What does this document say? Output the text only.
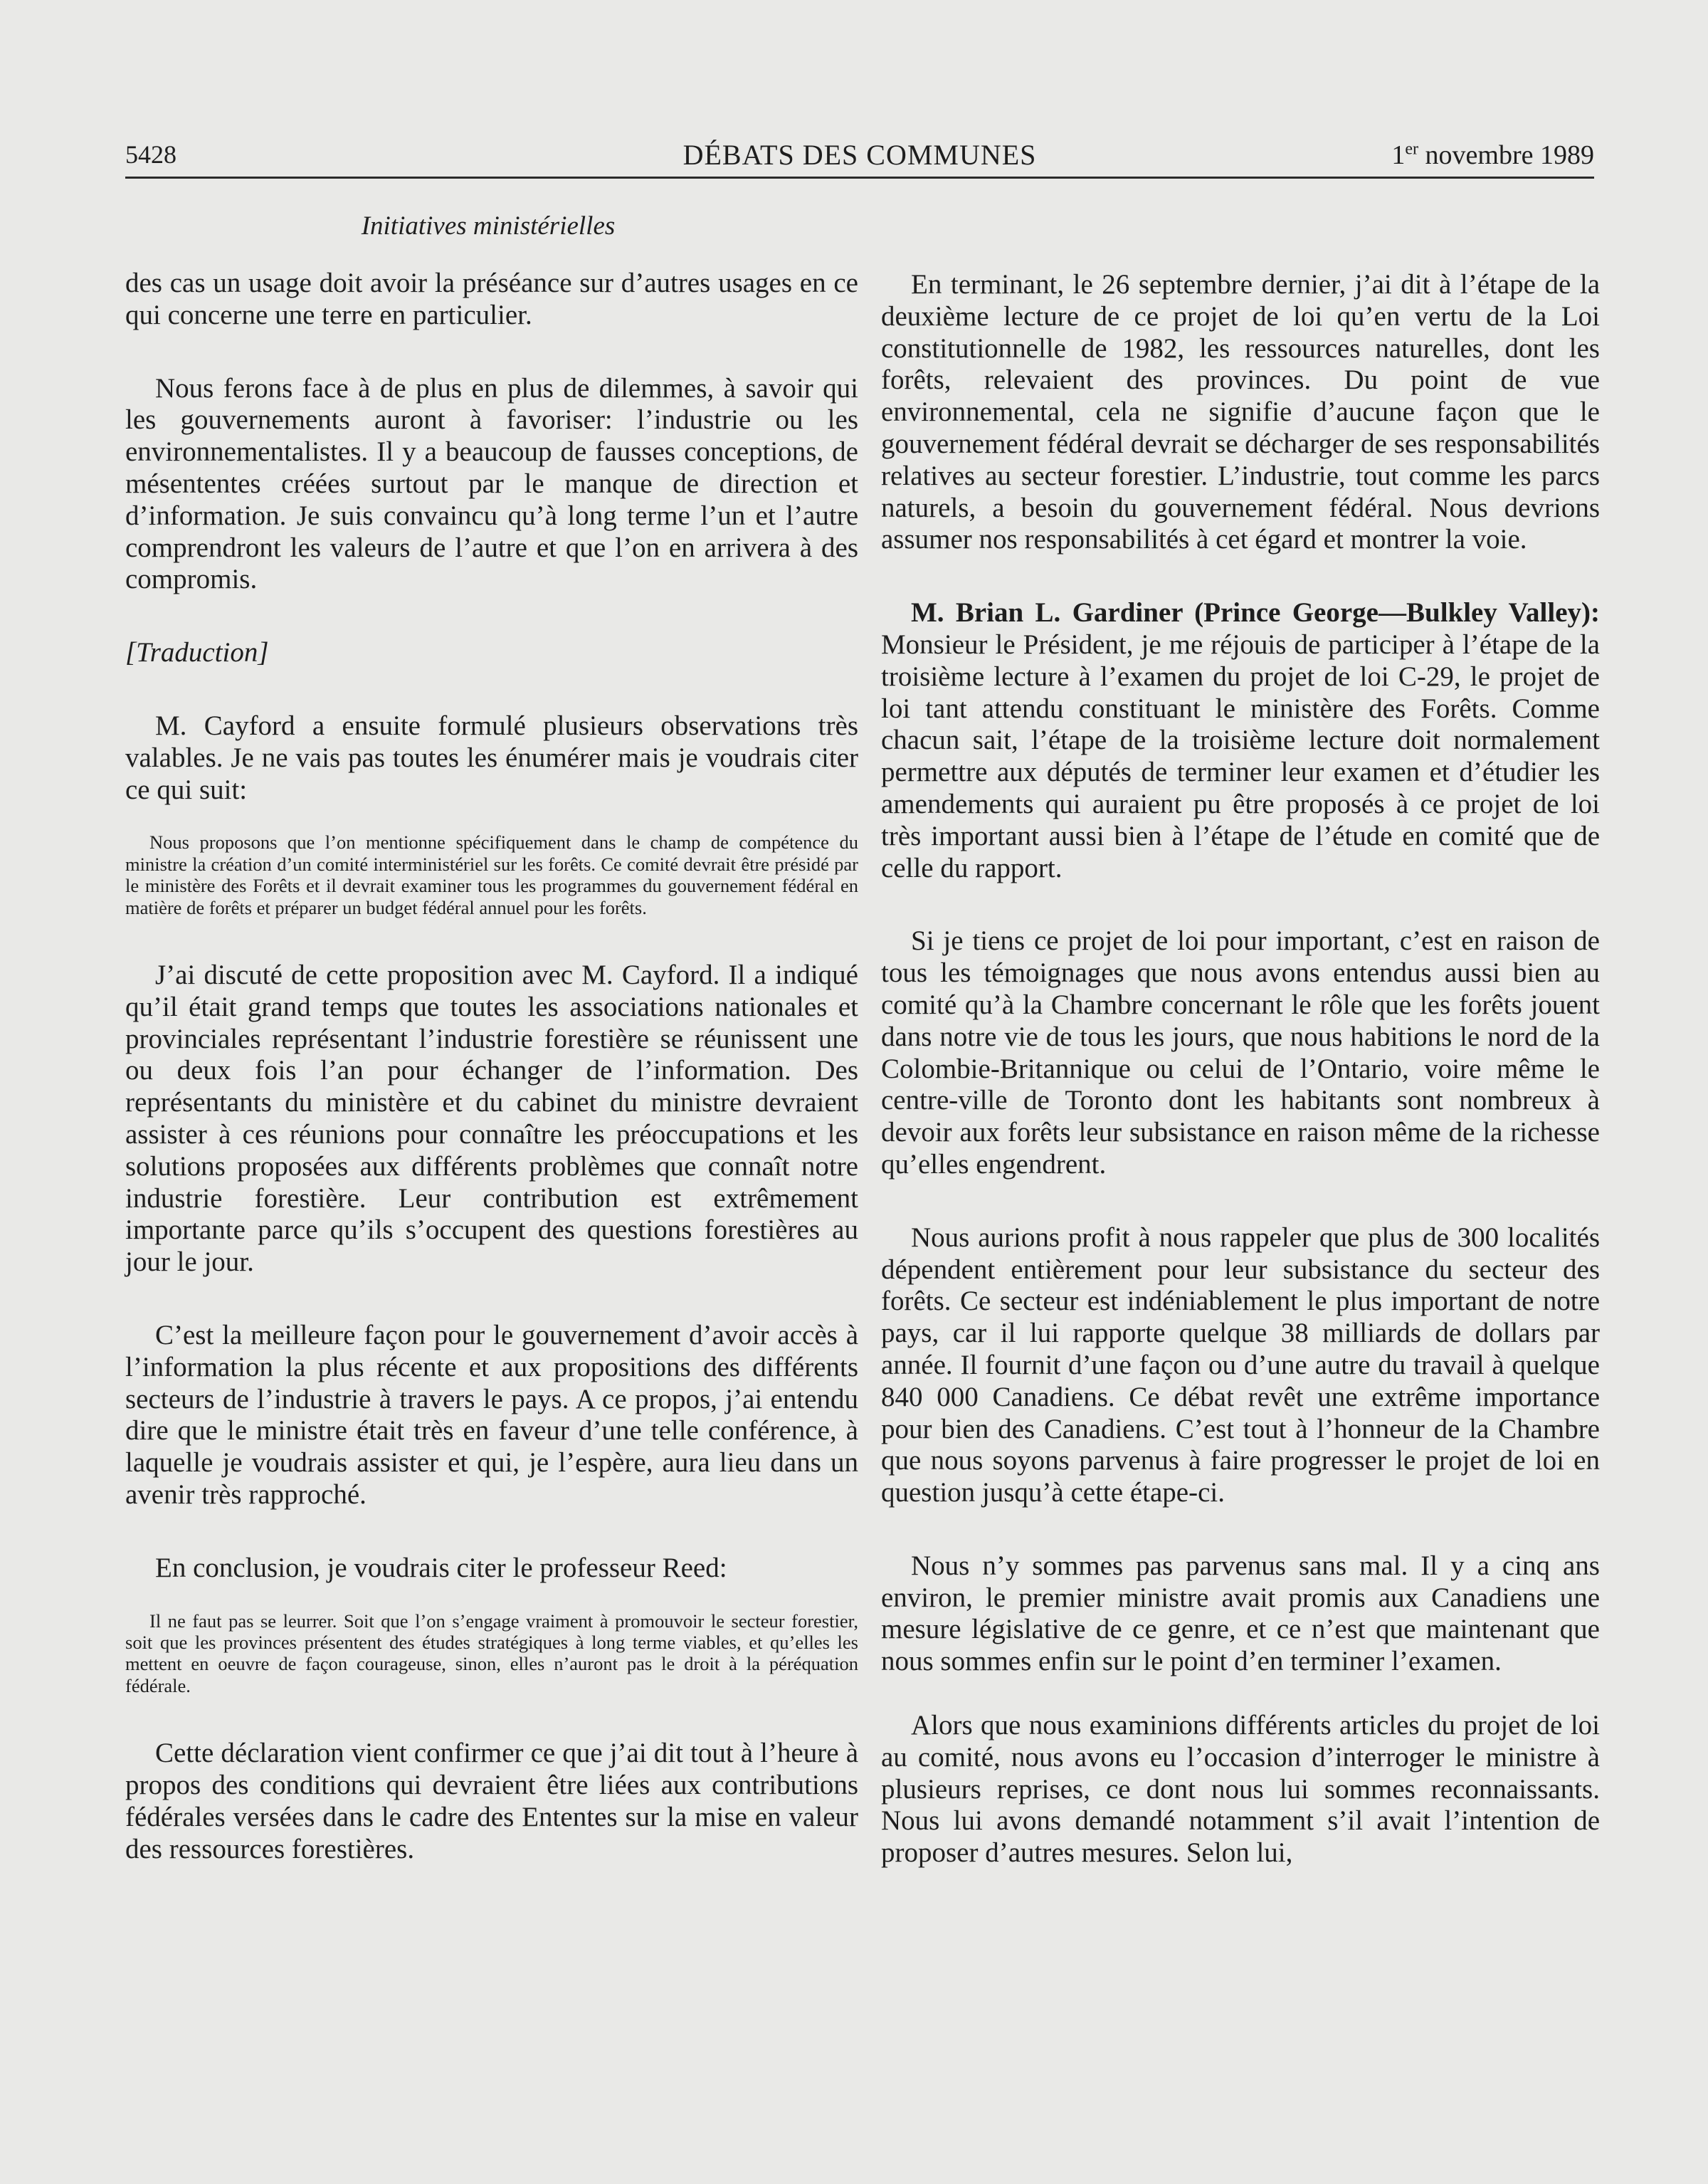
5428	DÉBATS DES COMMUNES	1er novembre 1989
Initiatives ministérielles

des cas un usage doit avoir la préséance sur d’autres usages en ce qui concerne une terre en particulier.

Nous ferons face à de plus en plus de dilemmes, à savoir qui les gouvernements auront à favoriser: l’industrie ou les environnementalistes. Il y a beaucoup de fausses conceptions, de mésententes créées surtout par le manque de direction et d’information. Je suis convaincu qu’à long terme l’un et l’autre comprendront les valeurs de l’autre et que l’on en arrivera à des compromis.

[Traduction]

M. Cayford a ensuite formulé plusieurs observations très valables. Je ne vais pas toutes les énumérer mais je voudrais citer ce qui suit:

Nous proposons que l’on mentionne spécifiquement dans le champ de compétence du ministre la création d’un comité interministériel sur les forêts. Ce comité devrait être présidé par le ministère des Forêts et il devrait examiner tous les programmes du gouvernement fédéral en matière de forêts et préparer un budget fédéral annuel pour les forêts.

J’ai discuté de cette proposition avec M. Cayford. Il a indiqué qu’il était grand temps que toutes les associations nationales et provinciales représentant l’industrie forestière se réunissent une ou deux fois l’an pour échanger de l’information. Des représentants du ministère et du cabinet du ministre devraient assister à ces réunions pour connaître les préoccupations et les solutions proposées aux différents problèmes que connaît notre industrie forestière. Leur contribution est extrêmement importante parce qu’ils s’occupent des questions forestières au jour le jour.

C’est la meilleure façon pour le gouvernement d’avoir accès à l’information la plus récente et aux propositions des différents secteurs de l’industrie à travers le pays. A ce propos, j’ai entendu dire que le ministre était très en faveur d’une telle conférence, à laquelle je voudrais assister et qui, je l’espère, aura lieu dans un avenir très rapproché.

En conclusion, je voudrais citer le professeur Reed:

Il ne faut pas se leurrer. Soit que l’on s’engage vraiment à promouvoir le secteur forestier, soit que les provinces présentent des études stratégiques à long terme viables, et qu’elles les mettent en oeuvre de façon courageuse, sinon, elles n’auront pas le droit à la péréquation fédérale.

Cette déclaration vient confirmer ce que j’ai dit tout à l’heure à propos des conditions qui devraient être liées aux contributions fédérales versées dans le cadre des Ententes sur la mise en valeur des ressources forestières.

En terminant, le 26 septembre dernier, j’ai dit à l’étape de la deuxième lecture de ce projet de loi qu’en vertu de la Loi constitutionnelle de 1982, les ressources naturelles, dont les forêts, relevaient des provinces. Du point de vue environnemental, cela ne signifie d’aucune façon que le gouvernement fédéral devrait se décharger de ses responsabilités relatives au secteur forestier. L’industrie, tout comme les parcs naturels, a besoin du gouvernement fédéral. Nous devrions assumer nos responsabilités à cet égard et montrer la voie.

M. Brian L. Gardiner (Prince George—Bulkley Valley): Monsieur le Président, je me réjouis de participer à l’étape de la troisième lecture à l’examen du projet de loi C-29, le projet de loi tant attendu constituant le ministère des Forêts. Comme chacun sait, l’étape de la troisième lecture doit normalement permettre aux députés de terminer leur examen et d’étudier les amendements qui auraient pu être proposés à ce projet de loi très important aussi bien à l’étape de l’étude en comité que de celle du rapport.

Si je tiens ce projet de loi pour important, c’est en raison de tous les témoignages que nous avons entendus aussi bien au comité qu’à la Chambre concernant le rôle que les forêts jouent dans notre vie de tous les jours, que nous habitions le nord de la Colombie-Britannique ou celui de l’Ontario, voire même le centre-ville de Toronto dont les habitants sont nombreux à devoir aux forêts leur subsistance en raison même de la richesse qu’elles engendrent.

Nous aurions profit à nous rappeler que plus de 300 localités dépendent entièrement pour leur subsistance du secteur des forêts. Ce secteur est indéniablement le plus important de notre pays, car il lui rapporte quelque 38 milliards de dollars par année. Il fournit d’une façon ou d’une autre du travail à quelque 840 000 Canadiens. Ce débat revêt une extrême importance pour bien des Canadiens. C’est tout à l’honneur de la Chambre que nous soyons parvenus à faire progresser le projet de loi en question jusqu’à cette étape-ci.

Nous n’y sommes pas parvenus sans mal. Il y a cinq ans environ, le premier ministre avait promis aux Canadiens une mesure législative de ce genre, et ce n’est que maintenant que nous sommes enfin sur le point d’en terminer l’examen.

Alors que nous examinions différents articles du projet de loi au comité, nous avons eu l’occasion d’interroger le ministre à plusieurs reprises, ce dont nous lui sommes reconnaissants. Nous lui avons demandé notamment s’il avait l’intention de proposer d’autres mesures. Selon lui,
